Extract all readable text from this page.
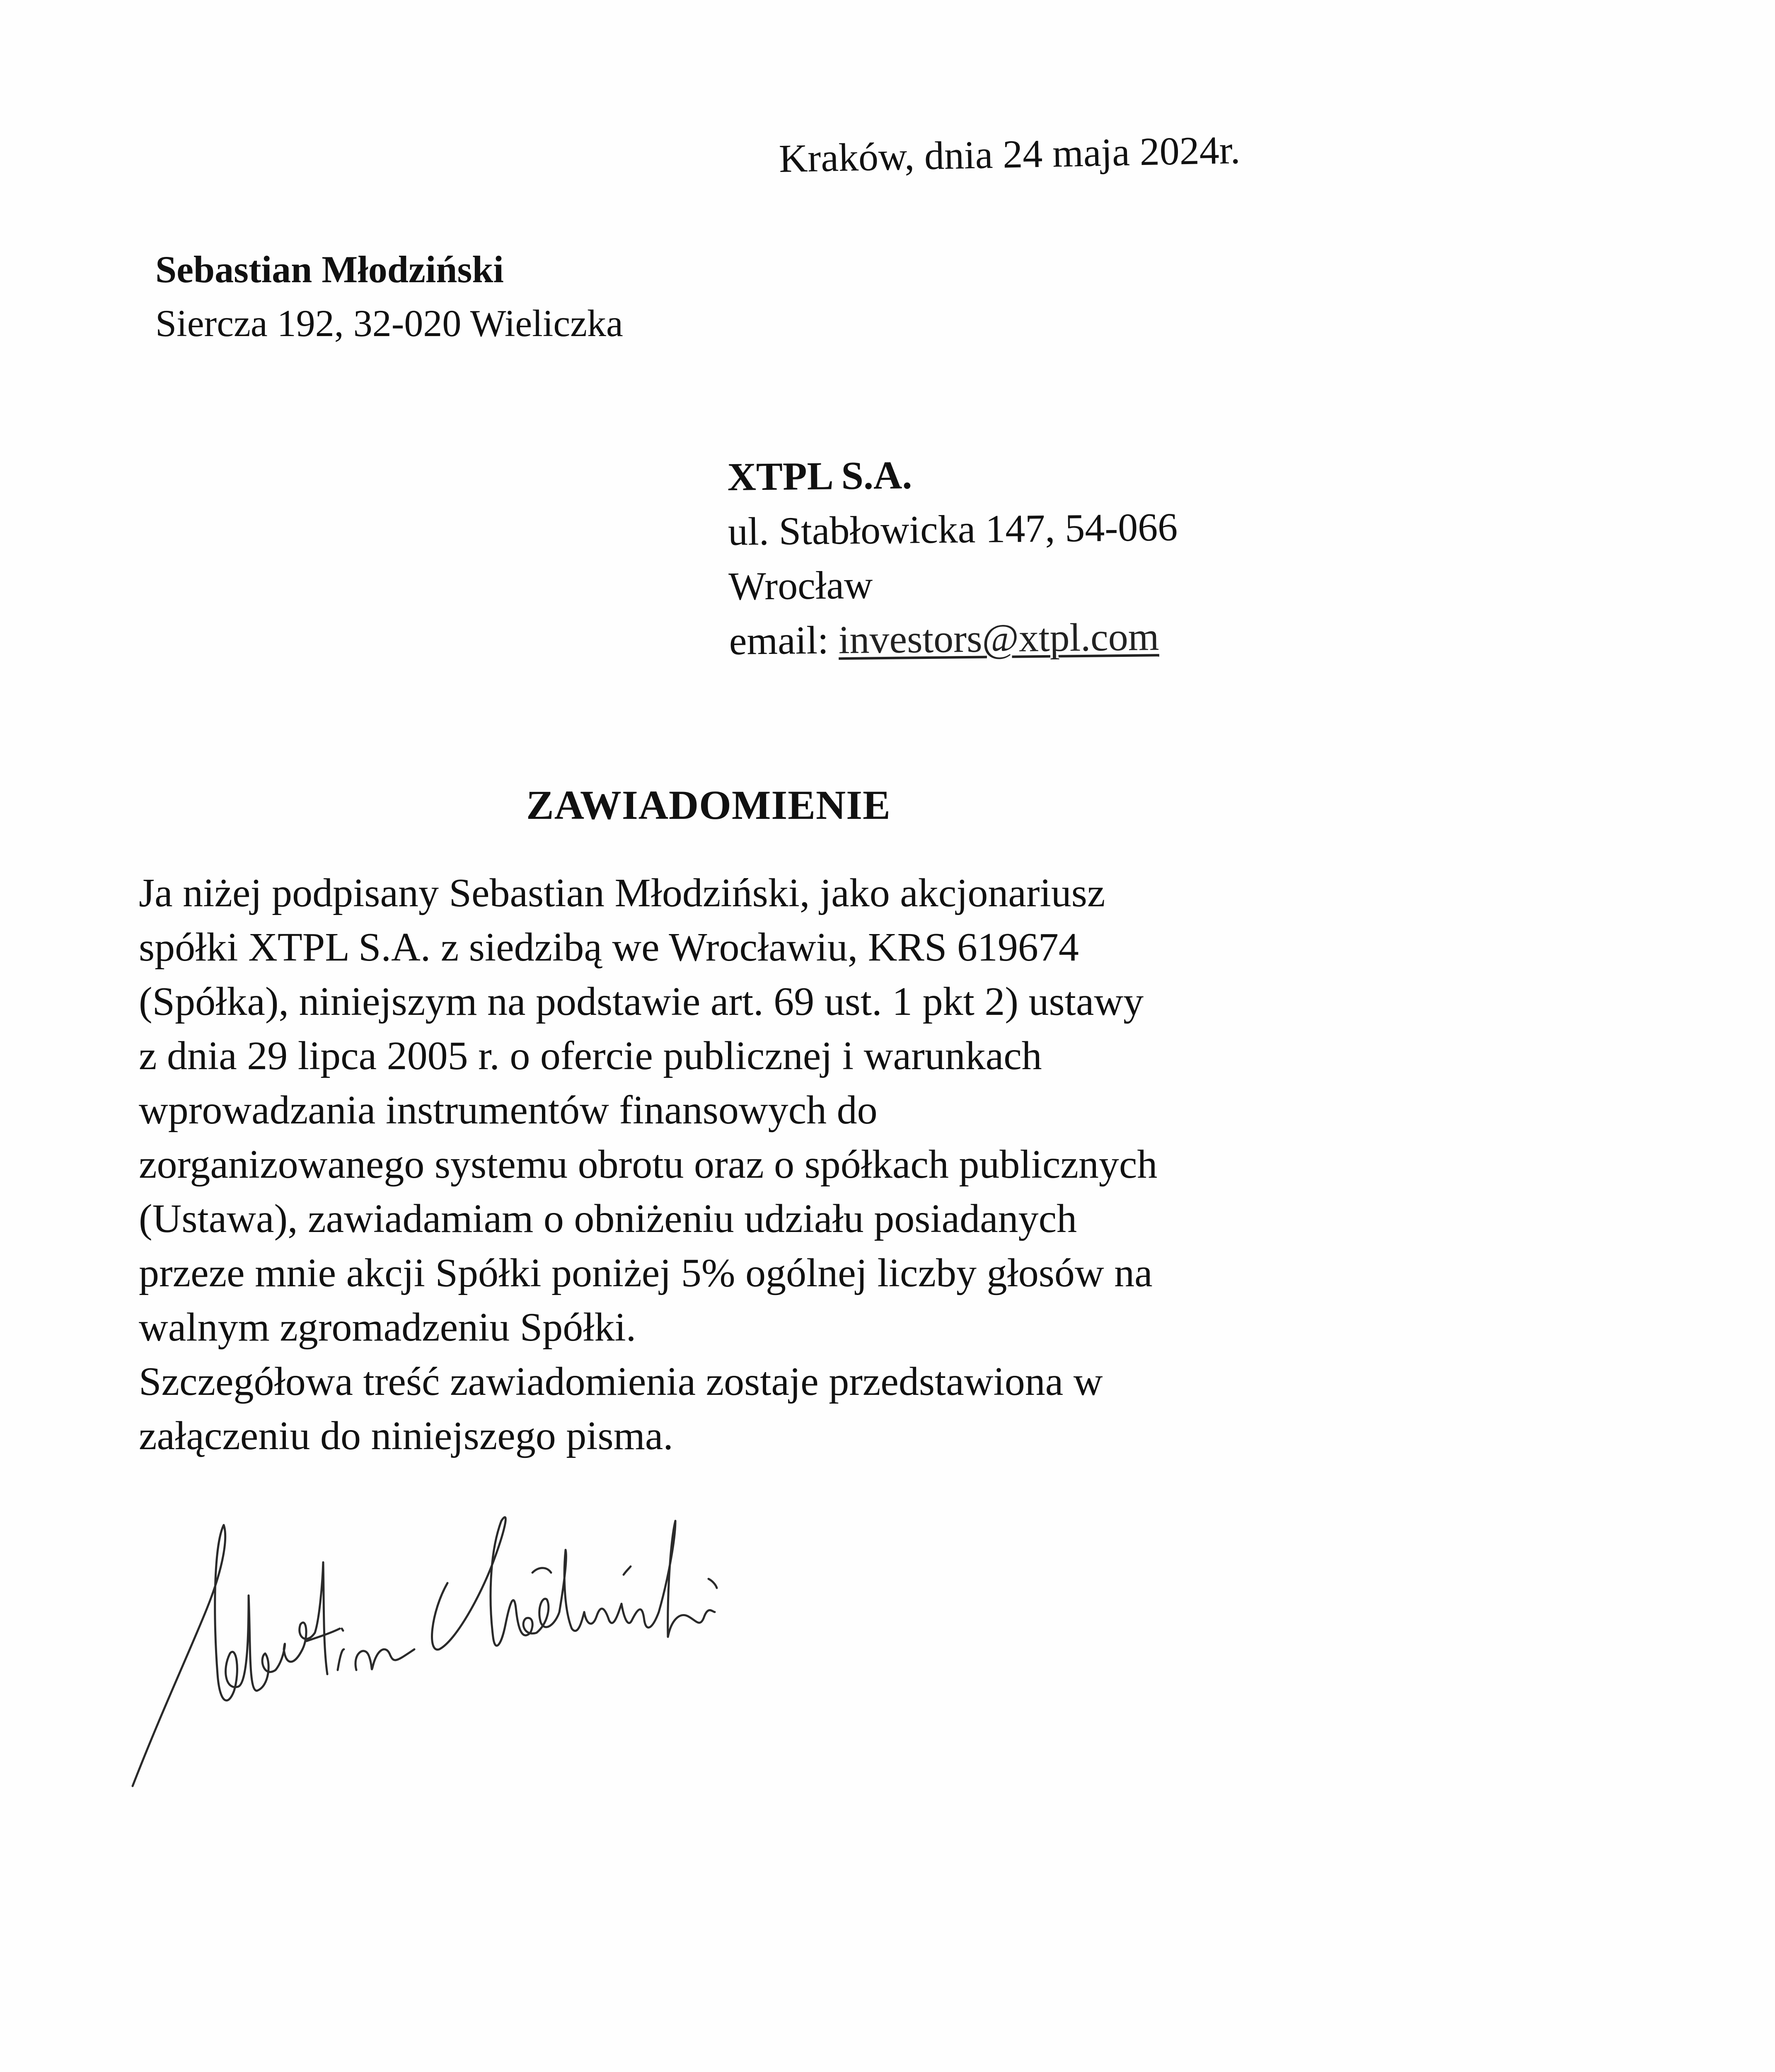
Kraków, dnia 24 maja 2024r.
Sebastian Młodziński
Siercza 192, 32-020 Wieliczka
XTPL S.A.
ul. Stabłowicka 147, 54-066
Wrocław
email: investors@xtpl.com
ZAWIADOMIENIE

Ja niżej podpisany Sebastian Młodziński, jako akcjonariusz
spółki XTPL S.A. z siedzibą we Wrocławiu, KRS 619674
(Spółka), niniejszym na podstawie art. 69 ust. 1 pkt 2) ustawy
z dnia 29 lipca 2005 r. o ofercie publicznej i warunkach
wprowadzania instrumentów finansowych do
zorganizowanego systemu obrotu oraz o spółkach publicznych
(Ustawa), zawiadamiam o obniżeniu udziału posiadanych
przeze mnie akcji Spółki poniżej 5% ogólnej liczby głosów na
walnym zgromadzeniu Spółki.

Szczegółowa treść zawiadomienia zostaje przedstawiona w
załączeniu do niniejszego pisma.
